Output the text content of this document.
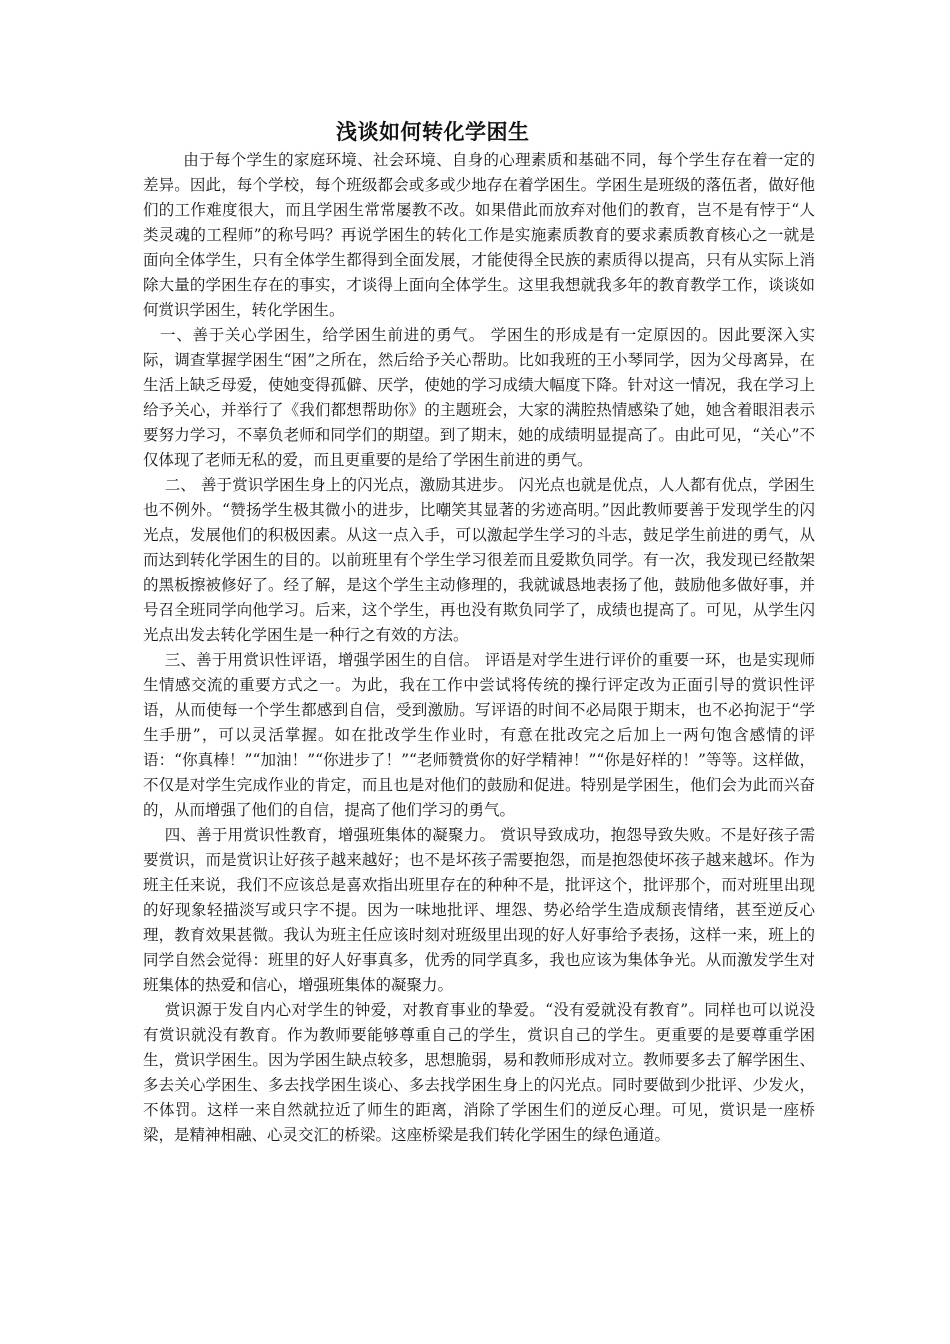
浅谈如何转化学困生

由于每个学生的家庭环境、社会环境、自身的心理素质和基础不同，每个学生存在着一定的差异。因此，每个学校，每个班级都会或多或少地存在着学困生。学困生是班级的落伍者，做好他们的工作难度很大，而且学困生常常屡教不改。如果借此而放弃对他们的教育，岂不是有悖于“人类灵魂的工程师”的称号吗？再说学困生的转化工作是实施素质教育的要求素质教育核心之一就是面向全体学生，只有全体学生都得到全面发展，才能使得全民族的素质得以提高，只有从实际上消除大量的学困生存在的事实，才谈得上面向全体学生。这里我想就我多年的教育教学工作，谈谈如何赏识学困生，转化学困生。

一、善于关心学困生，给学困生前进的勇气。 学困生的形成是有一定原因的。因此要深入实际，调查掌握学困生“困”之所在，然后给予关心帮助。比如我班的王小琴同学，因为父母离异，在生活上缺乏母爱，使她变得孤僻、厌学，使她的学习成绩大幅度下降。针对这一情况，我在学习上给予关心，并举行了《我们都想帮助你》的主题班会，大家的满腔热情感染了她，她含着眼泪表示要努力学习，不辜负老师和同学们的期望。到了期末，她的成绩明显提高了。由此可见，“关心”不仅体现了老师无私的爱，而且更重要的是给了学困生前进的勇气。

二、 善于赏识学困生身上的闪光点，激励其进步。 闪光点也就是优点，人人都有优点，学困生也不例外。“赞扬学生极其微小的进步，比嘲笑其显著的劣迹高明。”因此教师要善于发现学生的闪光点，发展他们的积极因素。从这一点入手，可以激起学生学习的斗志，鼓足学生前进的勇气，从而达到转化学困生的目的。以前班里有个学生学习很差而且爱欺负同学。有一次，我发现已经散架的黑板擦被修好了。经了解，是这个学生主动修理的，我就诚恳地表扬了他，鼓励他多做好事，并号召全班同学向他学习。后来，这个学生，再也没有欺负同学了，成绩也提高了。可见，从学生闪光点出发去转化学困生是一种行之有效的方法。

三、善于用赏识性评语，增强学困生的自信。 评语是对学生进行评价的重要一环，也是实现师生情感交流的重要方式之一。为此，我在工作中尝试将传统的操行评定改为正面引导的赏识性评语，从而使每一个学生都感到自信，受到激励。写评语的时间不必局限于期末，也不必拘泥于“学生手册”，可以灵活掌握。如在批改学生作业时，有意在批改完之后加上一两句饱含感情的评语：“你真棒！”“加油！”“你进步了！”“老师赞赏你的好学精神！”“你是好样的！”等等。这样做，不仅是对学生完成作业的肯定，而且也是对他们的鼓励和促进。特别是学困生，他们会为此而兴奋的，从而增强了他们的自信，提高了他们学习的勇气。

四、善于用赏识性教育，增强班集体的凝聚力。 赏识导致成功，抱怨导致失败。不是好孩子需要赏识，而是赏识让好孩子越来越好；也不是坏孩子需要抱怨，而是抱怨使坏孩子越来越坏。作为班主任来说，我们不应该总是喜欢指出班里存在的种种不是，批评这个，批评那个，而对班里出现的好现象轻描淡写或只字不提。因为一味地批评、埋怨、势必给学生造成颓丧情绪，甚至逆反心理，教育效果甚微。我认为班主任应该时刻对班级里出现的好人好事给予表扬，这样一来，班上的同学自然会觉得：班里的好人好事真多，优秀的同学真多，我也应该为集体争光。从而激发学生对班集体的热爱和信心，增强班集体的凝聚力。

赏识源于发自内心对学生的钟爱，对教育事业的挚爱。“没有爱就没有教育”。同样也可以说没有赏识就没有教育。作为教师要能够尊重自己的学生，赏识自己的学生。更重要的是要尊重学困生，赏识学困生。因为学困生缺点较多，思想脆弱，易和教师形成对立。教师要多去了解学困生、多去关心学困生、多去找学困生谈心、多去找学困生身上的闪光点。同时要做到少批评、少发火，不体罚。这样一来自然就拉近了师生的距离，消除了学困生们的逆反心理。可见，赏识是一座桥梁，是精神相融、心灵交汇的桥梁。这座桥梁是我们转化学困生的绿色通道。
